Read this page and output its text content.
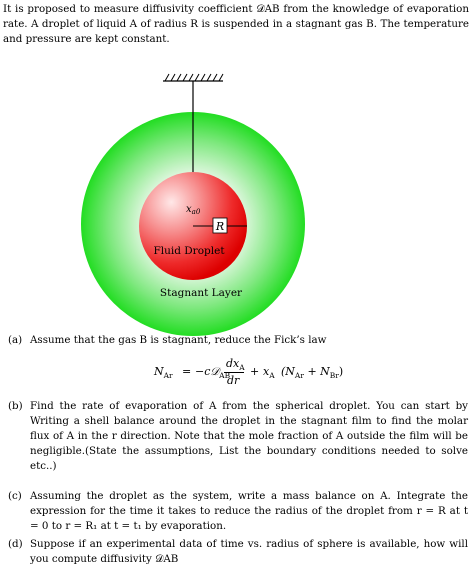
It is proposed to measure diffusivity coefficient 𝒟AB from the knowledge of evaporation rate. A droplet of liquid A of radius R is suspended in a stagnant gas B. The temperature and pressure are kept constant.
R
$x_{a0}$
Fluid Droplet
Stagnant Layer
(a) Assume that the gas B is stagnant, reduce the Fick’s law
$N_{Ar}$ = −c𝒟$_{AB}$
$dx_A$
dr
+ $x_A$ ($N_{Ar} + N_{Br}$ )
(b) Find the rate of evaporation of A from the spherical droplet. You can start by Writing a shell balance around the droplet in the stagnant film to find the molar flux of A in the r direction. Note that the mole fraction of A outside the film will be negligible.(State the assumptions, List the boundary conditions needed to solve etc..)
(c) Assuming the droplet as the system, write a mass balance on A. Integrate the expression for the time it takes to reduce the radius of the droplet from r = R at t = 0 to r = R₁ at t = t₁ by evaporation.
(d) Suppose if an experimental data of time vs. radius of sphere is available, how will you compute diffusivity 𝒟AB
